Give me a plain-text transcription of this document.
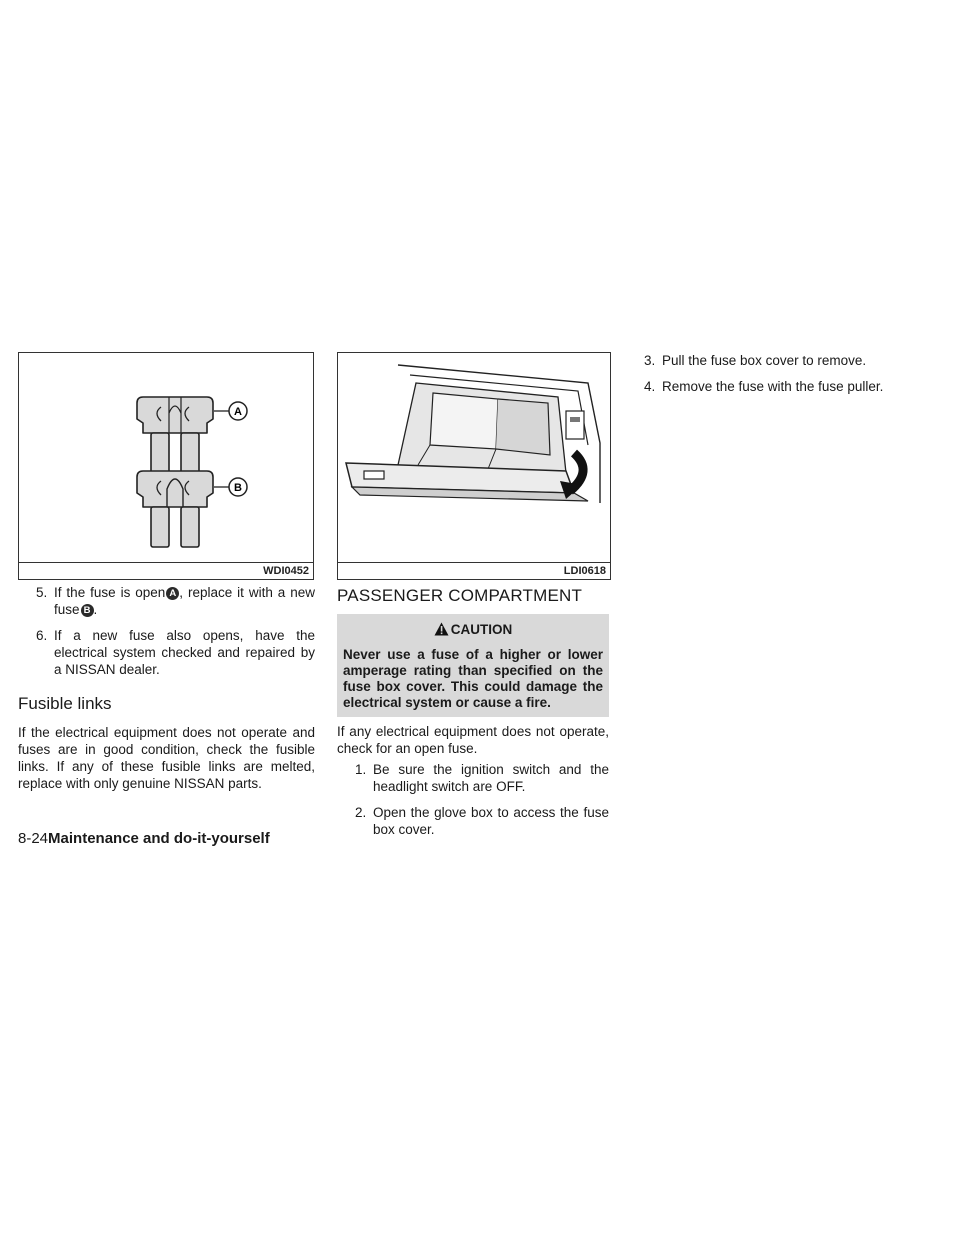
A
B
WDI0452
5. If the fuse is open A , replace it with a new fuse B .
6. If a new fuse also opens, have the electrical system checked and repaired by a NISSAN dealer.
Fusible links

If the electrical equipment does not operate and fuses are in good condition, check the fusible links. If any of these fusible links are melted, replace with only genuine NISSAN parts.

LDI0618
PASSENGER COMPARTMENT
CAUTION
Never use a fuse of a higher or lower amperage rating than specified on the fuse box cover. This could damage the electrical system or cause a fire.

If any electrical equipment does not operate, check for an open fuse.

1. Be sure the ignition switch and the headlight switch are OFF.
2. Open the glove box to access the fuse box cover.
3. Pull the fuse box cover to remove.
4. Remove the fuse with the fuse puller.
8-24Maintenance and do-it-yourself
